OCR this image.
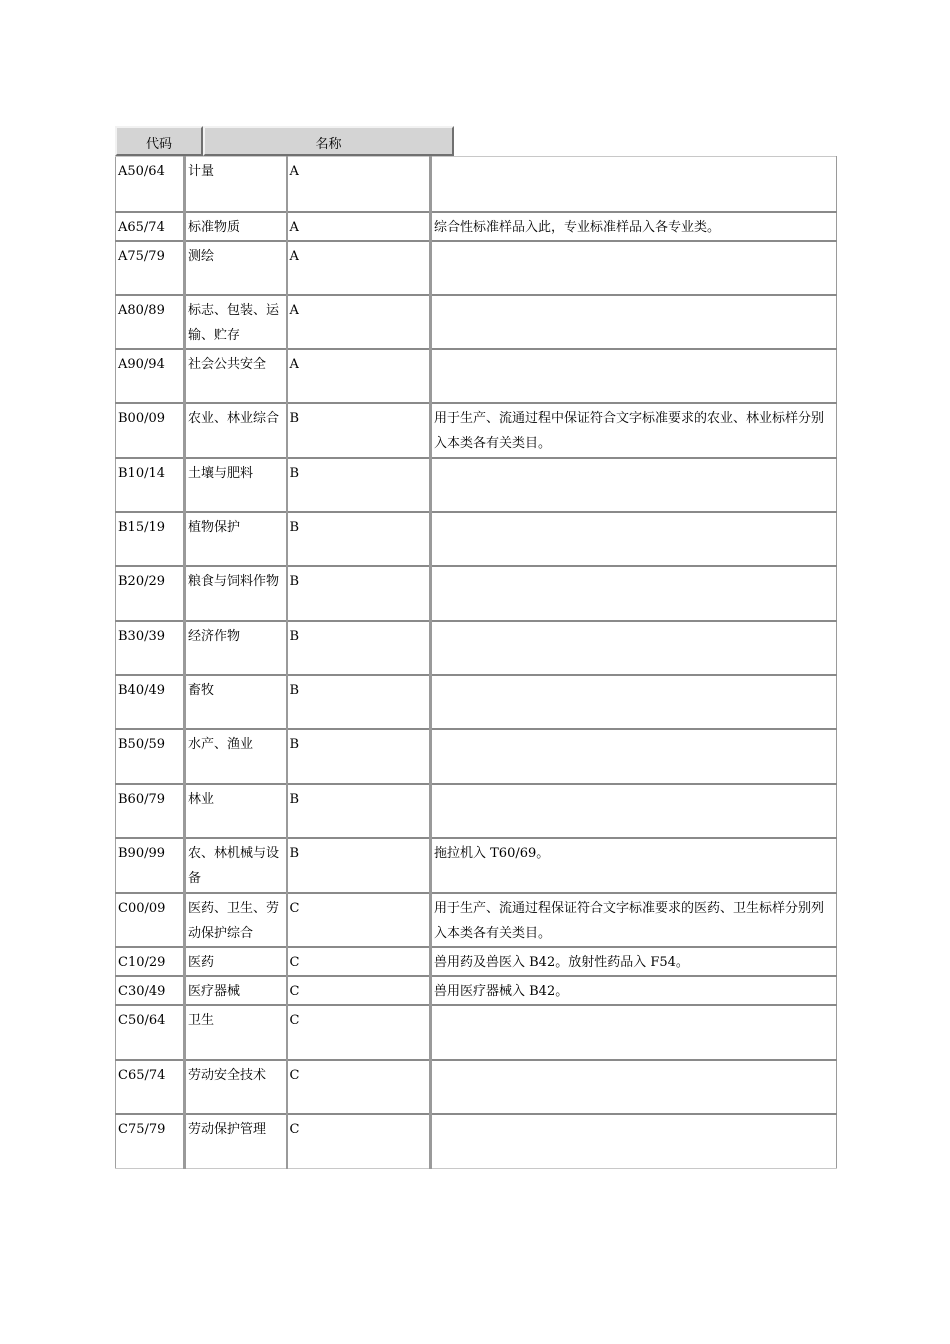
代码	名称
A50/64	计量	A	
A65/74	标准物质	A	综合性标准样品入此，专业标准样品入各专业类。
A75/79	测绘	A	
A80/89	标志、包装、运输、贮存	A	
A90/94	社会公共安全	A	
B00/09	农业、林业综合	B	用于生产、流通过程中保证符合文字标准要求的农业、林业标样分别入本类各有关类目。
B10/14	土壤与肥料	B	
B15/19	植物保护	B	
B20/29	粮食与饲料作物	B	
B30/39	经济作物	B	
B40/49	畜牧	B	
B50/59	水产、渔业	B	
B60/79	林业	B	
B90/99	农、林机械与设备	B	拖拉机入 T60/69。
C00/09	医药、卫生、劳动保护综合	C	用于生产、流通过程保证符合文字标准要求的医药、卫生标样分别列入本类各有关类目。
C10/29	医药	C	兽用药及兽医入 B42。放射性药品入 F54。
C30/49	医疗器械	C	兽用医疗器械入 B42。
C50/64	卫生	C	
C65/74	劳动安全技术	C	
C75/79	劳动保护管理	C	
